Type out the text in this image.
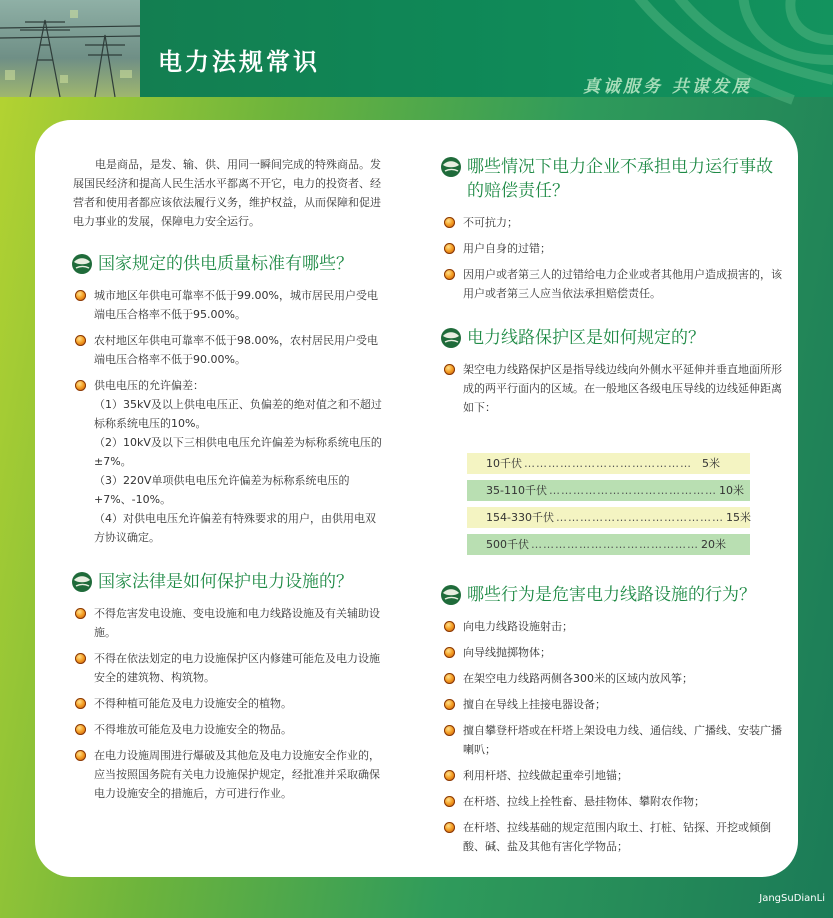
电力法规常识
真诚服务 共谋发展

电是商品，是发、输、供、用同一瞬间完成的特殊商品。发展国民经济和提高人民生活水平都离不开它，电力的投资者、经营者和使用者都应该依法履行义务，维护权益，从而保障和促进电力事业的发展，保障电力安全运行。

国家规定的供电质量标准有哪些？
城市地区年供电可靠率不低于99.00%，城市居民用户受电端电压合格率不低于95.00%。
农村地区年供电可靠率不低于98.00%，农村居民用户受电端电压合格率不低于90.00%。
供电电压的允许偏差：

（1）35kV及以上供电电压正、负偏差的绝对值之和不超过标称系统电压的10%。

（2）10kV及以下三相供电电压允许偏差为标称系统电压的±7%。

（3）220V单项供电电压允许偏差为标称系统电压的+7%、-10%。

（4）对供电电压允许偏差有特殊要求的用户，由供用电双方协议确定。

国家法律是如何保护电力设施的？
不得危害发电设施、变电设施和电力线路设施及有关辅助设施。
不得在依法划定的电力设施保护区内修建可能危及电力设施安全的建筑物、构筑物。
不得种植可能危及电力设施安全的植物。
不得堆放可能危及电力设施安全的物品。
在电力设施周围进行爆破及其他危及电力设施安全作业的，应当按照国务院有关电力设施保护规定，经批准并采取确保电力设施安全的措施后，方可进行作业。
哪些情况下电力企业不承担电力运行事故的赔偿责任？
不可抗力；
用户自身的过错；
因用户或者第三人的过错给电力企业或者其他用户造成损害的，该用户或者第三人应当依法承担赔偿责任。
电力线路保护区是如何规定的？
架空电力线路保护区是指导线边线向外侧水平延伸并垂直地面所形成的两平行面内的区域。在一般地区各级电压导线的边线延伸距离如下：
10千伏 …………………………………… 5米
35-110千伏 …………………………………… 10米
154-330千伏 …………………………………… 15米
500千伏 …………………………………… 20米
哪些行为是危害电力线路设施的行为？
向电力线路设施射击；
向导线抛掷物体；
在架空电力线路两侧各300米的区域内放风筝；
擅自在导线上挂接电器设备；
擅自攀登杆塔或在杆塔上架设电力线、通信线、广播线、安装广播喇叭；
利用杆塔、拉线做起重牵引地锚；
在杆塔、拉线上拴牲畜、悬挂物体、攀附农作物；
在杆塔、拉线基础的规定范围内取土、打桩、钻探、开挖或倾倒酸、碱、盐及其他有害化学物品；
JangSuDianLi
